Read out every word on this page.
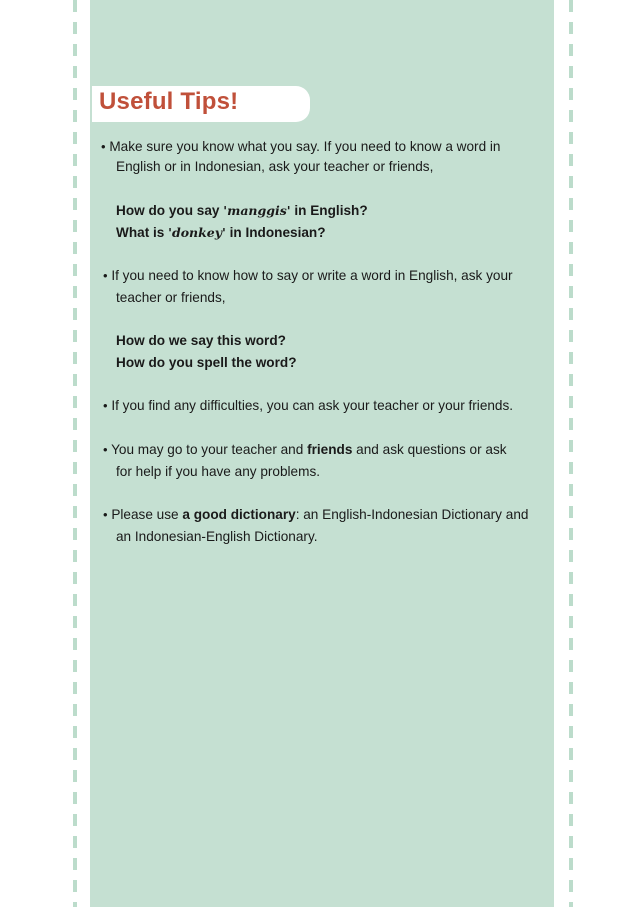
Useful Tips!
• Make sure you know what you say. If you need to know a word in
English or in Indonesian, ask your teacher or friends,
How do you say 'manggis' in English?
What is 'donkey' in Indonesian?
• If you need to know how to say or write a word in English, ask your
teacher or friends,
How do we say this word?
How do you spell the word?
• If you find any difficulties, you can ask your teacher or your friends.
• You may go to your teacher and friends and ask questions or ask
for help if you have any problems.
• Please use a good dictionary: an English-Indonesian Dictionary and
an Indonesian-English Dictionary.
